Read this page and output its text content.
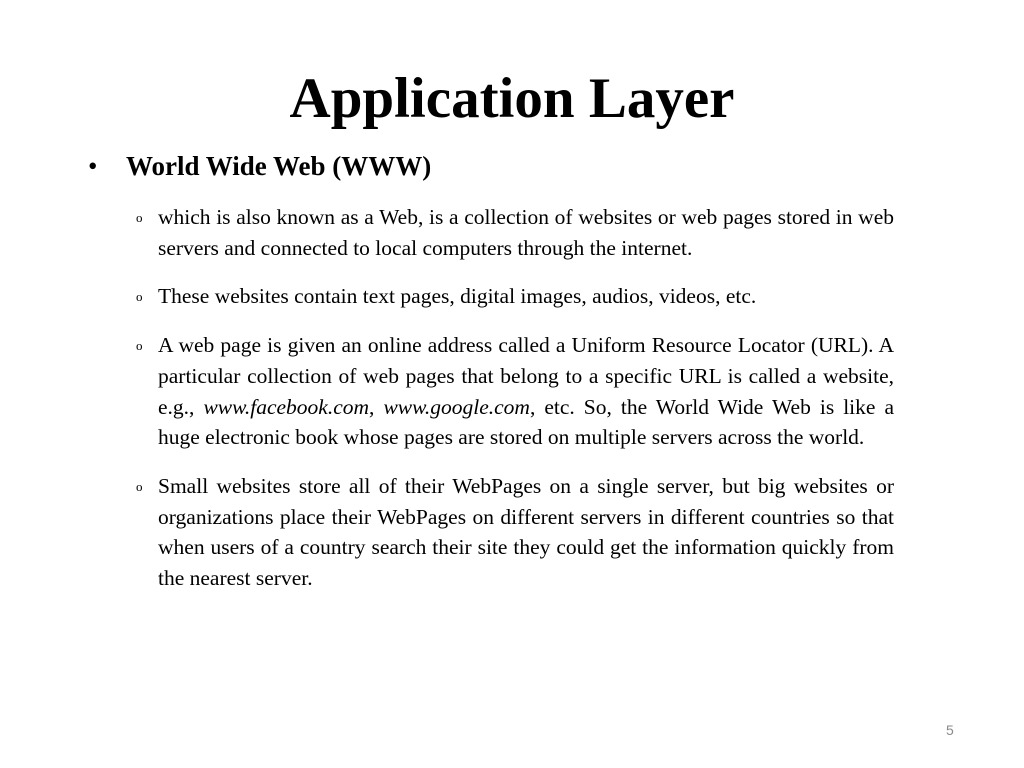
Application Layer
• World Wide Web (WWW)
o which is also known as a Web, is a collection of websites or web pages stored in web servers and connected to local computers through the internet.
o These websites contain text pages, digital images, audios, videos, etc.
o A web page is given an online address called a Uniform Resource Locator (URL). A particular collection of web pages that belong to a specific URL is called a website, e.g., www.facebook.com, www.google.com, etc. So, the World Wide Web is like a huge electronic book whose pages are stored on multiple servers across the world.
o Small websites store all of their WebPages on a single server, but big websites or organizations place their WebPages on different servers in different countries so that when users of a country search their site they could get the information quickly from the nearest server.
5
